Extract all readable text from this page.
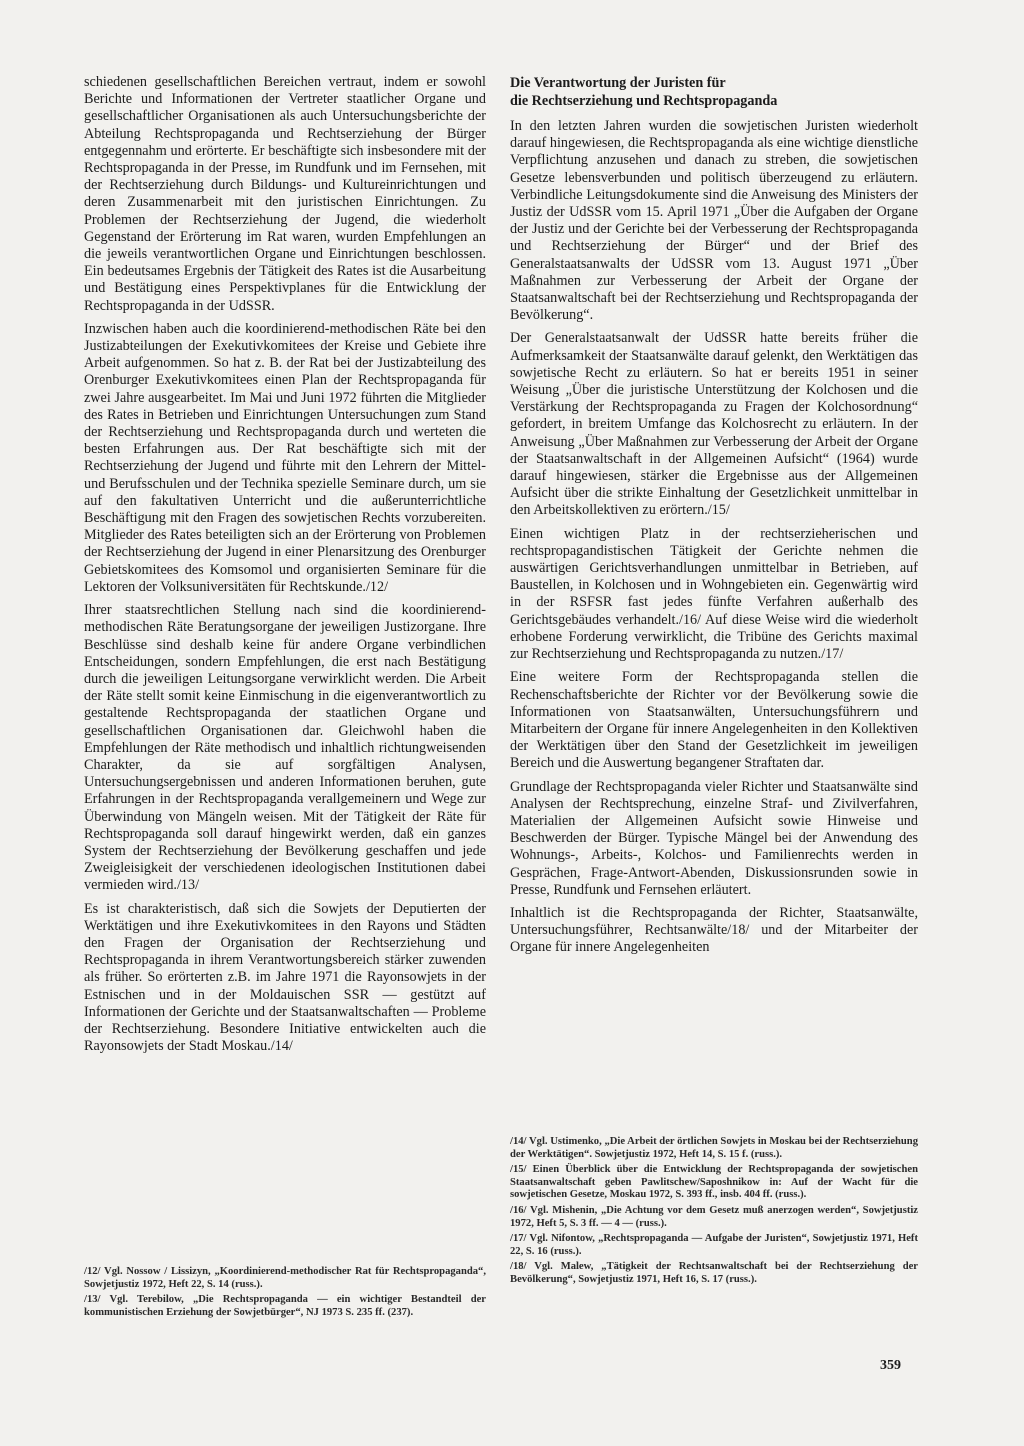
schiedenen gesellschaftlichen Bereichen vertraut, indem er sowohl Berichte und Informationen der Vertreter staatlicher Organe und gesellschaftlicher Organisationen als auch Untersuchungsberichte der Abteilung Rechtspropaganda und Rechtserziehung der Bürger entgegennahm und erörterte. Er beschäftigte sich insbesondere mit der Rechtspropaganda in der Presse, im Rundfunk und im Fernsehen, mit der Rechtserziehung durch Bildungs- und Kultureinrichtungen und deren Zusammenarbeit mit den juristischen Einrichtungen. Zu Problemen der Rechtserziehung der Jugend, die wiederholt Gegenstand der Erörterung im Rat waren, wurden Empfehlungen an die jeweils verantwortlichen Organe und Einrichtungen beschlossen. Ein bedeutsames Ergebnis der Tätigkeit des Rates ist die Ausarbeitung und Bestätigung eines Perspektivplanes für die Entwicklung der Rechtspropaganda in der UdSSR.

Inzwischen haben auch die koordinierend-methodischen Räte bei den Justizabteilungen der Exekutivkomitees der Kreise und Gebiete ihre Arbeit aufgenommen. So hat z. B. der Rat bei der Justizabteilung des Orenburger Exekutivkomitees einen Plan der Rechtspropaganda für zwei Jahre ausgearbeitet. Im Mai und Juni 1972 führten die Mitglieder des Rates in Betrieben und Einrichtungen Untersuchungen zum Stand der Rechtserziehung und Rechtspropaganda durch und werteten die besten Erfahrungen aus. Der Rat beschäftigte sich mit der Rechtserziehung der Jugend und führte mit den Lehrern der Mittel- und Berufsschulen und der Technika spezielle Seminare durch, um sie auf den fakultativen Unterricht und die außerunterrichtliche Beschäftigung mit den Fragen des sowjetischen Rechts vorzubereiten. Mitglieder des Rates beteiligten sich an der Erörterung von Problemen der Rechtserziehung der Jugend in einer Plenarsitzung des Orenburger Gebietskomitees des Komsomol und organisierten Seminare für die Lektoren der Volksuniversitäten für Rechtskunde./12/

Ihrer staatsrechtlichen Stellung nach sind die koordinierend-methodischen Räte Beratungsorgane der jeweiligen Justizorgane. Ihre Beschlüsse sind deshalb keine für andere Organe verbindlichen Entscheidungen, sondern Empfehlungen, die erst nach Bestätigung durch die jeweiligen Leitungsorgane verwirklicht werden. Die Arbeit der Räte stellt somit keine Einmischung in die eigenverantwortlich zu gestaltende Rechtspropaganda der staatlichen Organe und gesellschaftlichen Organisationen dar. Gleichwohl haben die Empfehlungen der Räte methodisch und inhaltlich richtungweisenden Charakter, da sie auf sorgfältigen Analysen, Untersuchungsergebnissen und anderen Informationen beruhen, gute Erfahrungen in der Rechtspropaganda verallgemeinern und Wege zur Überwindung von Mängeln weisen. Mit der Tätigkeit der Räte für Rechtspropaganda soll darauf hingewirkt werden, daß ein ganzes System der Rechtserziehung der Bevölkerung geschaffen und jede Zweigleisigkeit der verschiedenen ideologischen Institutionen dabei vermieden wird./13/

Es ist charakteristisch, daß sich die Sowjets der Deputierten der Werktätigen und ihre Exekutivkomitees in den Rayons und Städten den Fragen der Organisation der Rechtserziehung und Rechtspropaganda in ihrem Verantwortungsbereich stärker zuwenden als früher. So erörterten z.B. im Jahre 1971 die Rayonsowjets in der Estnischen und in der Moldauischen SSR — gestützt auf Informationen der Gerichte und der Staatsanwaltschaften — Probleme der Rechtserziehung. Besondere Initiative entwickelten auch die Rayonsowjets der Stadt Moskau./14/

/12/ Vgl. Nossow / Lissizyn, „Koordinierend-methodischer Rat für Rechtspropaganda“, Sowjetjustiz 1972, Heft 22, S. 14 (russ.).

/13/ Vgl. Terebilow, „Die Rechtspropaganda — ein wichtiger Bestandteil der kommunistischen Erziehung der Sowjetbürger“, NJ 1973 S. 235 ff. (237).

Die Verantwortung der Juristen für
die Rechtserziehung und Rechtspropaganda

In den letzten Jahren wurden die sowjetischen Juristen wiederholt darauf hingewiesen, die Rechtspropaganda als eine wichtige dienstliche Verpflichtung anzusehen und danach zu streben, die sowjetischen Gesetze lebensverbunden und politisch überzeugend zu erläutern. Verbindliche Leitungsdokumente sind die Anweisung des Ministers der Justiz der UdSSR vom 15. April 1971 „Über die Aufgaben der Organe der Justiz und der Gerichte bei der Verbesserung der Rechtspropaganda und Rechtserziehung der Bürger“ und der Brief des Generalstaatsanwalts der UdSSR vom 13. August 1971 „Über Maßnahmen zur Verbesserung der Arbeit der Organe der Staatsanwaltschaft bei der Rechtserziehung und Rechtspropaganda der Bevölkerung“.

Der Generalstaatsanwalt der UdSSR hatte bereits früher die Aufmerksamkeit der Staatsanwälte darauf gelenkt, den Werktätigen das sowjetische Recht zu erläutern. So hat er bereits 1951 in seiner Weisung „Über die juristische Unterstützung der Kolchosen und die Verstärkung der Rechtspropaganda zu Fragen der Kolchosordnung“ gefordert, in breitem Umfange das Kolchosrecht zu erläutern. In der Anweisung „Über Maßnahmen zur Verbesserung der Arbeit der Organe der Staatsanwaltschaft in der Allgemeinen Aufsicht“ (1964) wurde darauf hingewiesen, stärker die Ergebnisse aus der Allgemeinen Aufsicht über die strikte Einhaltung der Gesetzlichkeit unmittelbar in den Arbeitskollektiven zu erörtern./15/

Einen wichtigen Platz in der rechtserzieherischen und rechtspropagandistischen Tätigkeit der Gerichte nehmen die auswärtigen Gerichtsverhandlungen unmittelbar in Betrieben, auf Baustellen, in Kolchosen und in Wohngebieten ein. Gegenwärtig wird in der RSFSR fast jedes fünfte Verfahren außerhalb des Gerichtsgebäudes verhandelt./16/ Auf diese Weise wird die wiederholt erhobene Forderung verwirklicht, die Tribüne des Gerichts maximal zur Rechtserziehung und Rechtspropaganda zu nutzen./17/

Eine weitere Form der Rechtspropaganda stellen die Rechenschaftsberichte der Richter vor der Bevölkerung sowie die Informationen von Staatsanwälten, Untersuchungsführern und Mitarbeitern der Organe für innere Angelegenheiten in den Kollektiven der Werktätigen über den Stand der Gesetzlichkeit im jeweiligen Bereich und die Auswertung begangener Straftaten dar.

Grundlage der Rechtspropaganda vieler Richter und Staatsanwälte sind Analysen der Rechtsprechung, einzelne Straf- und Zivilverfahren, Materialien der Allgemeinen Aufsicht sowie Hinweise und Beschwerden der Bürger. Typische Mängel bei der Anwendung des Wohnungs-, Arbeits-, Kolchos- und Familienrechts werden in Gesprächen, Frage-Antwort-Abenden, Diskussionsrunden sowie in Presse, Rundfunk und Fernsehen erläutert.

Inhaltlich ist die Rechtspropaganda der Richter, Staatsanwälte, Untersuchungsführer, Rechtsanwälte/18/ und der Mitarbeiter der Organe für innere Angelegenheiten

/14/ Vgl. Ustimenko, „Die Arbeit der örtlichen Sowjets in Moskau bei der Rechtserziehung der Werktätigen“. Sowjetjustiz 1972, Heft 14, S. 15 f. (russ.).

/15/ Einen Überblick über die Entwicklung der Rechtspropaganda der sowjetischen Staatsanwaltschaft geben Pawlitschew/Saposhnikow in: Auf der Wacht für die sowjetischen Gesetze, Moskau 1972, S. 393 ff., insb. 404 ff. (russ.).

/16/ Vgl. Mishenin, „Die Achtung vor dem Gesetz muß anerzogen werden“, Sowjetjustiz 1972, Heft 5, S. 3 ff. — 4 — (russ.).

/17/ Vgl. Nifontow, „Rechtspropaganda — Aufgabe der Juristen“, Sowjetjustiz 1971, Heft 22, S. 16 (russ.).

/18/ Vgl. Malew, „Tätigkeit der Rechtsanwaltschaft bei der Rechtserziehung der Bevölkerung“, Sowjetjustiz 1971, Heft 16, S. 17 (russ.).

359
